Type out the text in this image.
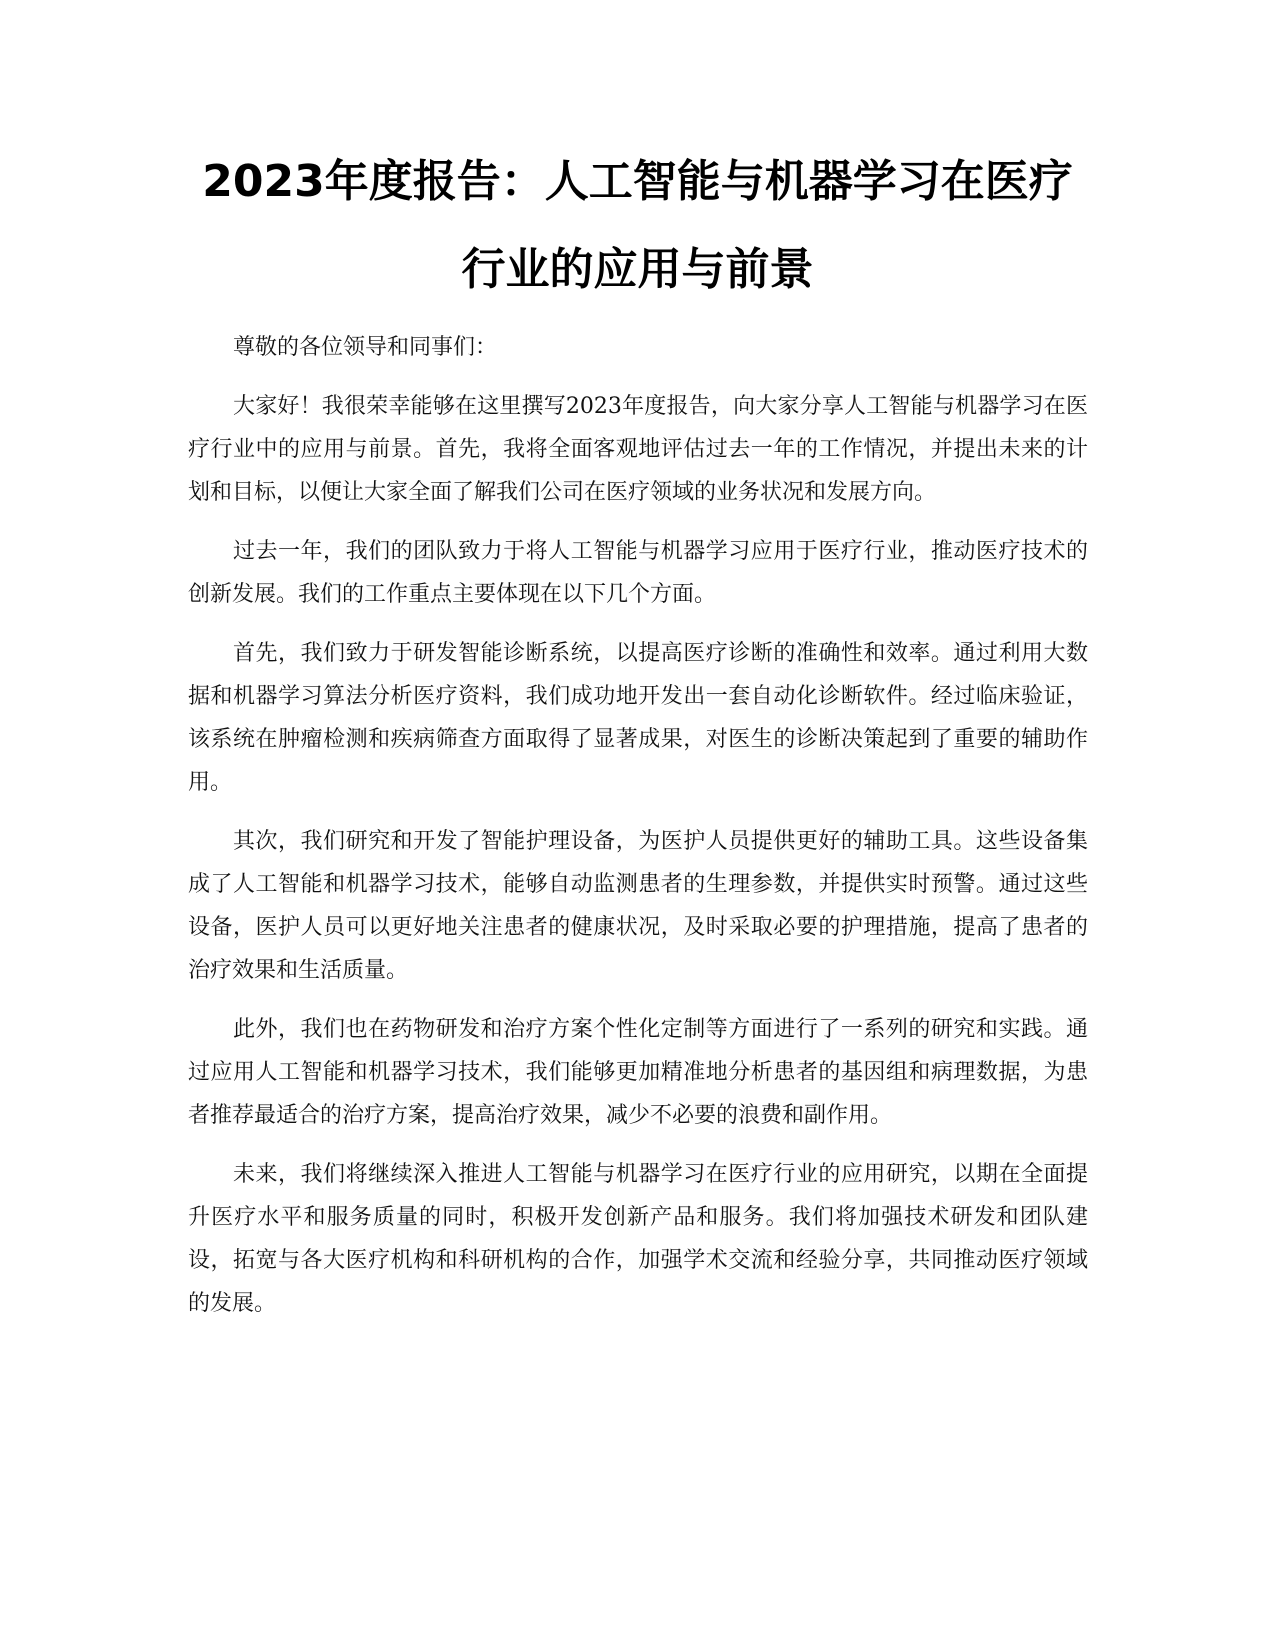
2023年度报告：人工智能与机器学习在医疗
行业的应用与前景

尊敬的各位领导和同事们：

大家好！我很荣幸能够在这里撰写2023年度报告，向大家分享人工智能与机器学习在医疗行业中的应用与前景。首先，我将全面客观地评估过去一年的工作情况，并提出未来的计划和目标，以便让大家全面了解我们公司在医疗领域的业务状况和发展方向。

过去一年，我们的团队致力于将人工智能与机器学习应用于医疗行业，推动医疗技术的创新发展。我们的工作重点主要体现在以下几个方面。

首先，我们致力于研发智能诊断系统，以提高医疗诊断的准确性和效率。通过利用大数据和机器学习算法分析医疗资料，我们成功地开发出一套自动化诊断软件。经过临床验证，该系统在肿瘤检测和疾病筛查方面取得了显著成果，对医生的诊断决策起到了重要的辅助作用。

其次，我们研究和开发了智能护理设备，为医护人员提供更好的辅助工具。这些设备集成了人工智能和机器学习技术，能够自动监测患者的生理参数，并提供实时预警。通过这些设备，医护人员可以更好地关注患者的健康状况，及时采取必要的护理措施，提高了患者的治疗效果和生活质量。

此外，我们也在药物研发和治疗方案个性化定制等方面进行了一系列的研究和实践。通过应用人工智能和机器学习技术，我们能够更加精准地分析患者的基因组和病理数据，为患者推荐最适合的治疗方案，提高治疗效果，减少不必要的浪费和副作用。

未来，我们将继续深入推进人工智能与机器学习在医疗行业的应用研究，以期在全面提升医疗水平和服务质量的同时，积极开发创新产品和服务。我们将加强技术研发和团队建设，拓宽与各大医疗机构和科研机构的合作，加强学术交流和经验分享，共同推动医疗领域的发展。
